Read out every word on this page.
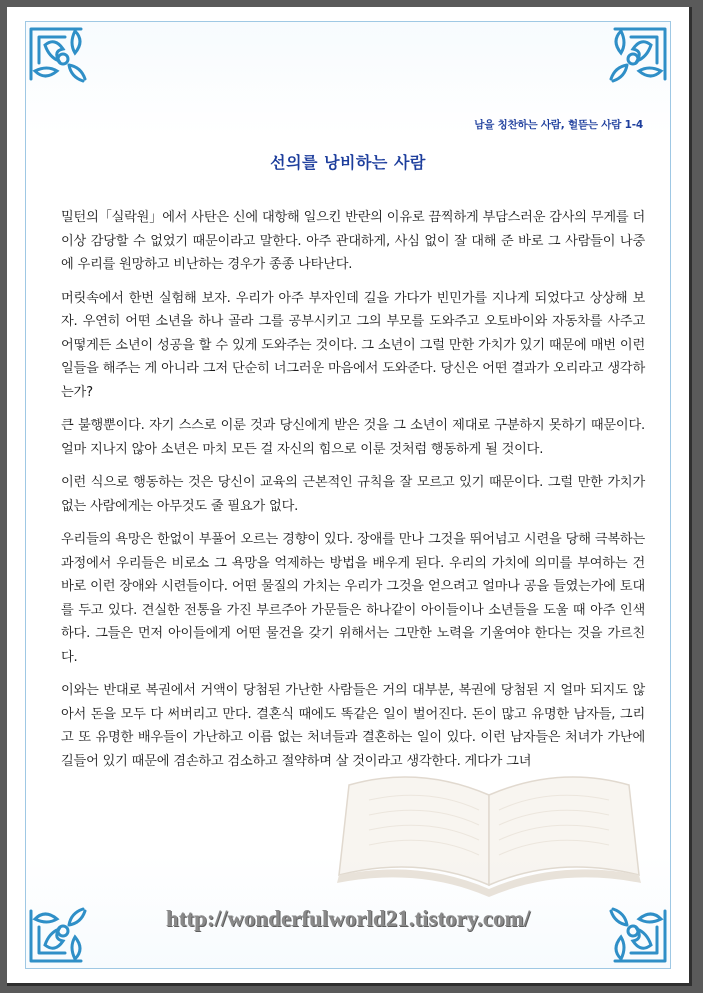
남을 칭찬하는 사람, 헐뜯는 사람 1-4
선의를 낭비하는 사람

밀턴의「실락원」에서 사탄은 신에 대항해 일으킨 반란의 이유로 끔찍하게 부담스러운 감사의 무게를 더 이상 감당할 수 없었기 때문이라고 말한다. 아주 관대하게, 사심 없이 잘 대해 준 바로 그 사람들이 나중에 우리를 원망하고 비난하는 경우가 종종 나타난다.

머릿속에서 한번 실험해 보자. 우리가 아주 부자인데 길을 가다가 빈민가를 지나게 되었다고 상상해 보자. 우연히 어떤 소년을 하나 골라 그를 공부시키고 그의 부모를 도와주고 오토바이와 자동차를 사주고 어떻게든 소년이 성공을 할 수 있게 도와주는 것이다. 그 소년이 그럴 만한 가치가 있기 때문에 매번 이런 일들을 해주는 게 아니라 그저 단순히 너그러운 마음에서 도와준다. 당신은 어떤 결과가 오리라고 생각하는가?

큰 불행뿐이다. 자기 스스로 이룬 것과 당신에게 받은 것을 그 소년이 제대로 구분하지 못하기 때문이다. 얼마 지나지 않아 소년은 마치 모든 걸 자신의 힘으로 이룬 것처럼 행동하게 될 것이다.

이런 식으로 행동하는 것은 당신이 교육의 근본적인 규칙을 잘 모르고 있기 때문이다. 그럴 만한 가치가 없는 사람에게는 아무것도 줄 필요가 없다.

우리들의 욕망은 한없이 부풀어 오르는 경향이 있다. 장애를 만나 그것을 뛰어넘고 시련을 당해 극복하는 과정에서 우리들은 비로소 그 욕망을 억제하는 방법을 배우게 된다. 우리의 가치에 의미를 부여하는 건 바로 이런 장애와 시련들이다. 어떤 물질의 가치는 우리가 그것을 얻으려고 얼마나 공을 들였는가에 토대를 두고 있다. 견실한 전통을 가진 부르주아 가문들은 하나같이 아이들이나 소년들을 도울 때 아주 인색하다. 그들은 먼저 아이들에게 어떤 물건을 갖기 위해서는 그만한 노력을 기울여야 한다는 것을 가르친다.

이와는 반대로 복권에서 거액이 당첨된 가난한 사람들은 거의 대부분, 복권에 당첨된 지 얼마 되지도 않아서 돈을 모두 다 써버리고 만다. 결혼식 때에도 똑같은 일이 벌어진다. 돈이 많고 유명한 남자들, 그리고 또 유명한 배우들이 가난하고 이름 없는 처녀들과 결혼하는 일이 있다. 이런 남자들은 처녀가 가난에 길들어 있기 때문에 겸손하고 검소하고 절약하며 살 것이라고 생각한다. 게다가 그녀

http://wonderfulworld21.tistory.com/
